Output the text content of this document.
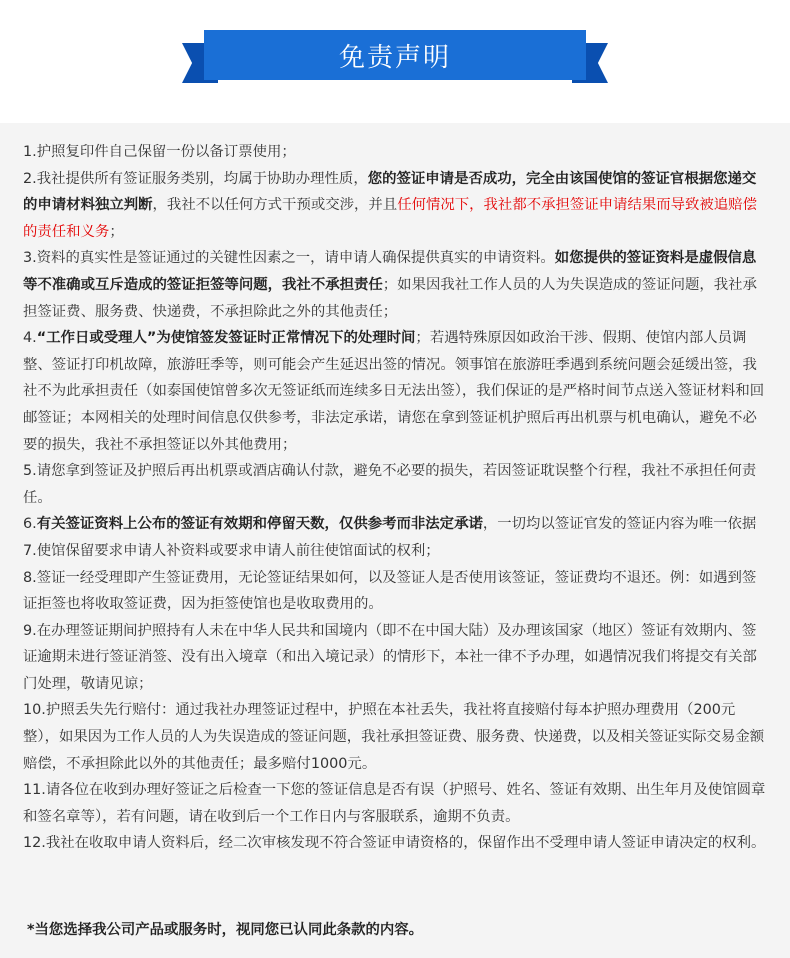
免责声明

1.护照复印件自己保留一份以备订票使用；

2.我社提供所有签证服务类别，均属于协助办理性质，您的签证申请是否成功，完全由该国使馆的签证官根据您递交的申请材料独立判断，我社不以任何方式干预或交涉，并且任何情况下，我社都不承担签证申请结果而导致被追赔偿的责任和义务；

3.资料的真实性是签证通过的关键性因素之一，请申请人确保提供真实的申请资料。如您提供的签证资料是虚假信息等不准确或互斥造成的签证拒签等问题，我社不承担责任；如果因我社工作人员的人为失误造成的签证问题，我社承担签证费、服务费、快递费，不承担除此之外的其他责任；

4.“工作日或受理人”为使馆签发签证时正常情况下的处理时间；若遇特殊原因如政治干涉、假期、使馆内部人员调整、签证打印机故障，旅游旺季等，则可能会产生延迟出签的情况。领事馆在旅游旺季遇到系统问题会延缓出签，我社不为此承担责任（如泰国使馆曾多次无签证纸而连续多日无法出签），我们保证的是严格时间节点送入签证材料和回邮签证；本网相关的处理时间信息仅供参考，非法定承诺，请您在拿到签证机护照后再出机票与机电确认，避免不必要的损失，我社不承担签证以外其他费用；

5.请您拿到签证及护照后再出机票或酒店确认付款，避免不必要的损失，若因签证耽误整个行程，我社不承担任何责任。

6.有关签证资料上公布的签证有效期和停留天数，仅供参考而非法定承诺，一切均以签证官发的签证内容为唯一依据

7.使馆保留要求申请人补资料或要求申请人前往使馆面试的权利；

8.签证一经受理即产生签证费用，无论签证结果如何，以及签证人是否使用该签证，签证费均不退还。例：如遇到签证拒签也将收取签证费，因为拒签使馆也是收取费用的。

9.在办理签证期间护照持有人未在中华人民共和国境内（即不在中国大陆）及办理该国家（地区）签证有效期内、签证逾期未进行签证消签、没有出入境章（和出入境记录）的情形下，本社一律不予办理，如遇情况我们将提交有关部门处理，敬请见谅；

10.护照丢失先行赔付：通过我社办理签证过程中，护照在本社丢失，我社将直接赔付每本护照办理费用（200元整），如果因为工作人员的人为失误造成的签证问题，我社承担签证费、服务费、快递费，以及相关签证实际交易金额赔偿，不承担除此以外的其他责任；最多赔付1000元。

11.请各位在收到办理好签证之后检查一下您的签证信息是否有误（护照号、姓名、签证有效期、出生年月及使馆圆章和签名章等），若有问题，请在收到后一个工作日内与客服联系，逾期不负责。

12.我社在收取申请人资料后，经二次审核发现不符合签证申请资格的，保留作出不受理申请人签证申请决定的权利。

*当您选择我公司产品或服务时，视同您已认同此条款的内容。
